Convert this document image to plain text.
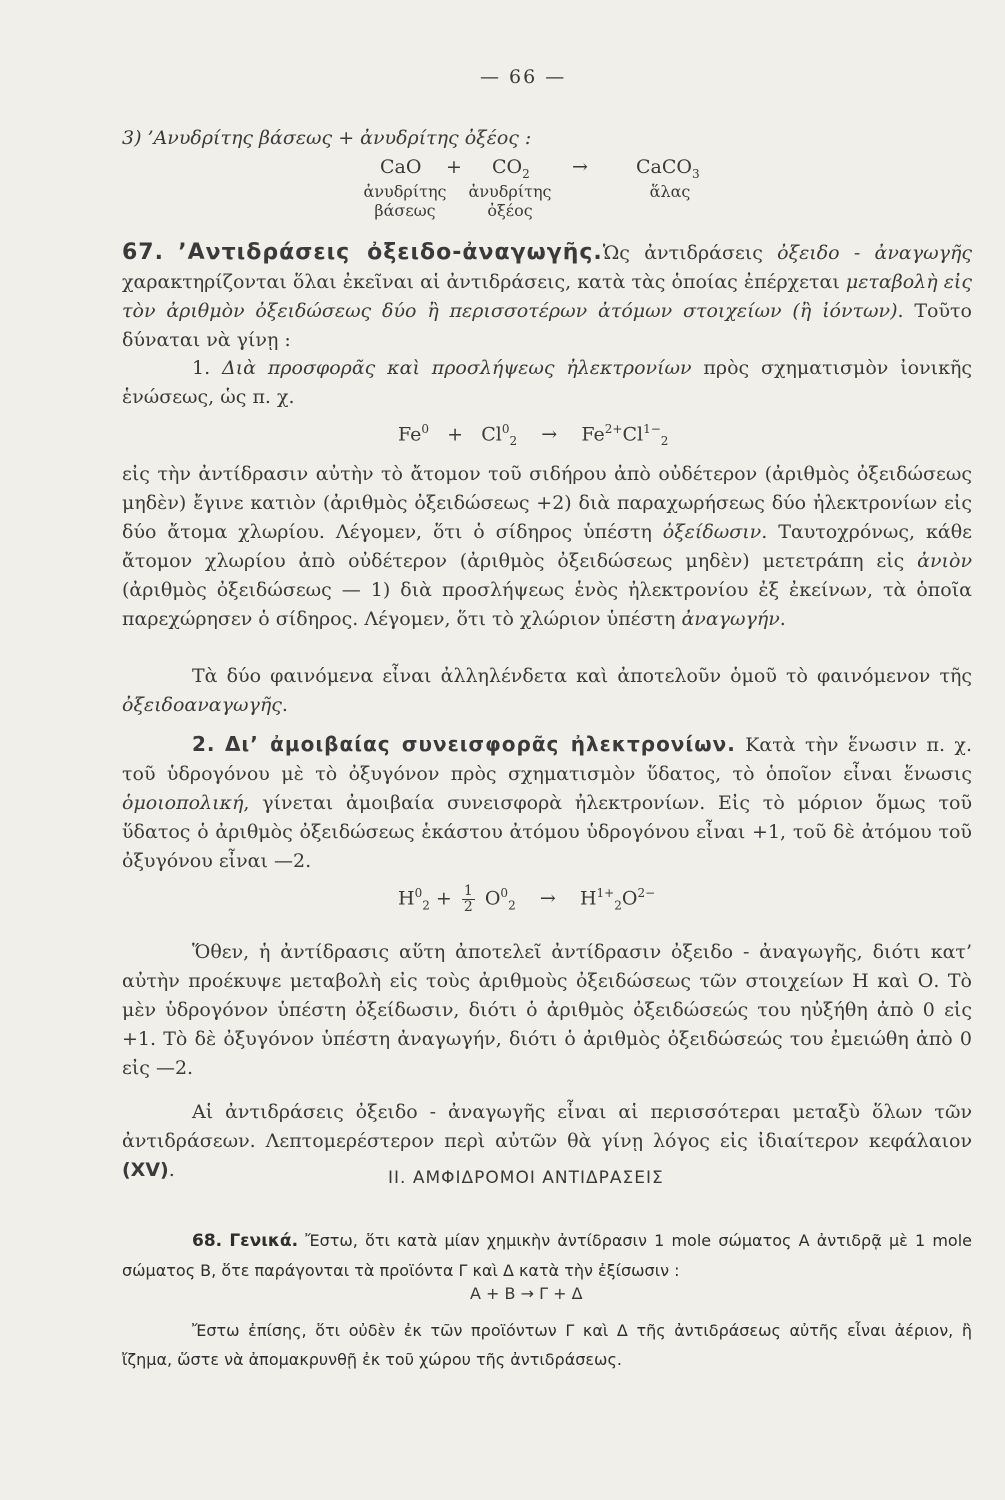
— 66 —
3) ’Ανυδρίτης βάσεως + ἀνυδρίτης ὀξέος :
CaO + $CO_2$ →	CaCO$_3$
ἀνυδρίτης
βάσεως
ἀνυδρίτης
ὀξέος
ἅλας
67. ’Αντιδράσεις ὀξειδο-ἀναγωγῆς.Ὡς ἀντιδράσεις ὀξειδο - ἀναγωγῆς χαρακτηρίζονται ὅλαι ἐκεῖναι αἱ ἀντιδράσεις, κατὰ τὰς ὁποίας ἐπέρχεται μεταβολὴ εἰς τὸν ἀριθμὸν ὀξειδώσεως δύο ἢ περισσοτέρων ἀτόμων στοιχείων (ἢ ἰόντων). Τοῦτο δύναται νὰ γίνῃ :
1. Διὰ προσφορᾶς καὶ προσλήψεως ἠλεκτρονίων πρὸς σχηματισμὸν ἰονικῆς ἑνώσεως, ὡς π. χ.
$Fe^0 + Cl^0_2 \to Fe^{2+}Cl^{1-}_2$
εἰς τὴν ἀντίδρασιν αὐτὴν τὸ ἄτομον τοῦ σιδήρου ἀπὸ οὐδέτερον (ἀριθμὸς ὀξειδώσεως μηδὲν) ἔγινε κατιὸν (ἀριθμὸς ὀξειδώσεως +2) διὰ παραχωρήσεως δύο ἠλεκτρονίων εἰς δύο ἄτομα χλωρίου. Λέγομεν, ὅτι ὁ σίδηρος ὑπέστη ὀξείδωσιν. Ταυτοχρόνως, κάθε ἄτομον χλωρίου ἀπὸ οὐδέτερον (ἀριθμὸς ὀξειδώσεως μηδὲν) μετετράπη εἰς ἀνιὸν (ἀριθμὸς ὀξειδώσεως — 1) διὰ προσλήψεως ἑνὸς ἠλεκτρονίου ἐξ ἐκείνων, τὰ ὁποῖα παρεχώρησεν ὁ σίδηρος. Λέγομεν, ὅτι τὸ χλώριον ὑπέστη ἀναγωγήν.
Τὰ δύο φαινόμενα εἶναι ἀλληλένδετα καὶ ἀποτελοῦν ὁμοῦ τὸ φαινόμενον τῆς ὀξειδοαναγωγῆς.
2. Δι’ ἀμοιβαίας συνεισφορᾶς ἠλεκτρονίων. Κατὰ τὴν ἕνωσιν π. χ. τοῦ ὑδρογόνου μὲ τὸ ὀξυγόνον πρὸς σχηματισμὸν ὕδατος, τὸ ὁποῖον εἶναι ἕνωσις ὁμοιοπολική, γίνεται ἀμοιβαία συνεισφορὰ ἠλεκτρονίων. Εἰς τὸ μόριον ὅμως τοῦ ὕδατος ὁ ἀριθμὸς ὀξειδώσεως ἑκάστου ἀτόμου ὑδρογόνου εἶναι +1, τοῦ δὲ ἀτόμου τοῦ ὀξυγόνου εἶναι —2.
$H^0_2 + \frac{1}{2} O^0_2 \to H^{1+}_2O^{2-}$
Ὅθεν, ἡ ἀντίδρασις αὕτη ἀποτελεῖ ἀντίδρασιν ὀξειδο - ἀναγωγῆς, διότι κατ’ αὐτὴν προέκυψε μεταβολὴ εἰς τοὺς ἀριθμοὺς ὀξειδώσεως τῶν στοιχείων Η καὶ Ο. Τὸ μὲν ὑδρογόνον ὑπέστη ὀξείδωσιν, διότι ὁ ἀριθμὸς ὀξειδώσεώς του ηὐξήθη ἀπὸ 0 εἰς +1. Τὸ δὲ ὀξυγόνον ὑπέστη ἀναγωγήν, διότι ὁ ἀριθμὸς ὀξειδώσεώς του ἐμειώθη ἀπὸ 0 εἰς —2.
Αἱ ἀντιδράσεις ὀξειδο - ἀναγωγῆς εἶναι αἱ περισσότεραι μεταξὺ ὅλων τῶν ἀντιδράσεων. Λεπτομερέστερον περὶ αὐτῶν θὰ γίνῃ λόγος εἰς ἰδιαίτερον κεφάλαιον (XV).	II. ΑΜΦΙΔΡΟΜΟΙ ΑΝΤΙΔΡΑΣΕΙΣ
68. Γενικά. Ἔστω, ὅτι κατὰ μίαν χημικὴν ἀντίδρασιν 1 mole σώματος Α ἀντιδρᾷ μὲ 1 mole σώματος Β, ὅτε παράγονται τὰ προϊόντα Γ καὶ Δ κατὰ τὴν ἐξίσωσιν :
Α + Β → Γ + Δ
Ἔστω ἐπίσης, ὅτι οὐδὲν ἐκ τῶν προϊόντων Γ καὶ Δ τῆς ἀντιδράσεως αὐτῆς εἶναι ἀέριον, ἢ ἴζημα, ὥστε νὰ ἀπομακρυνθῇ ἐκ τοῦ χώρου τῆς ἀντιδράσεως.
